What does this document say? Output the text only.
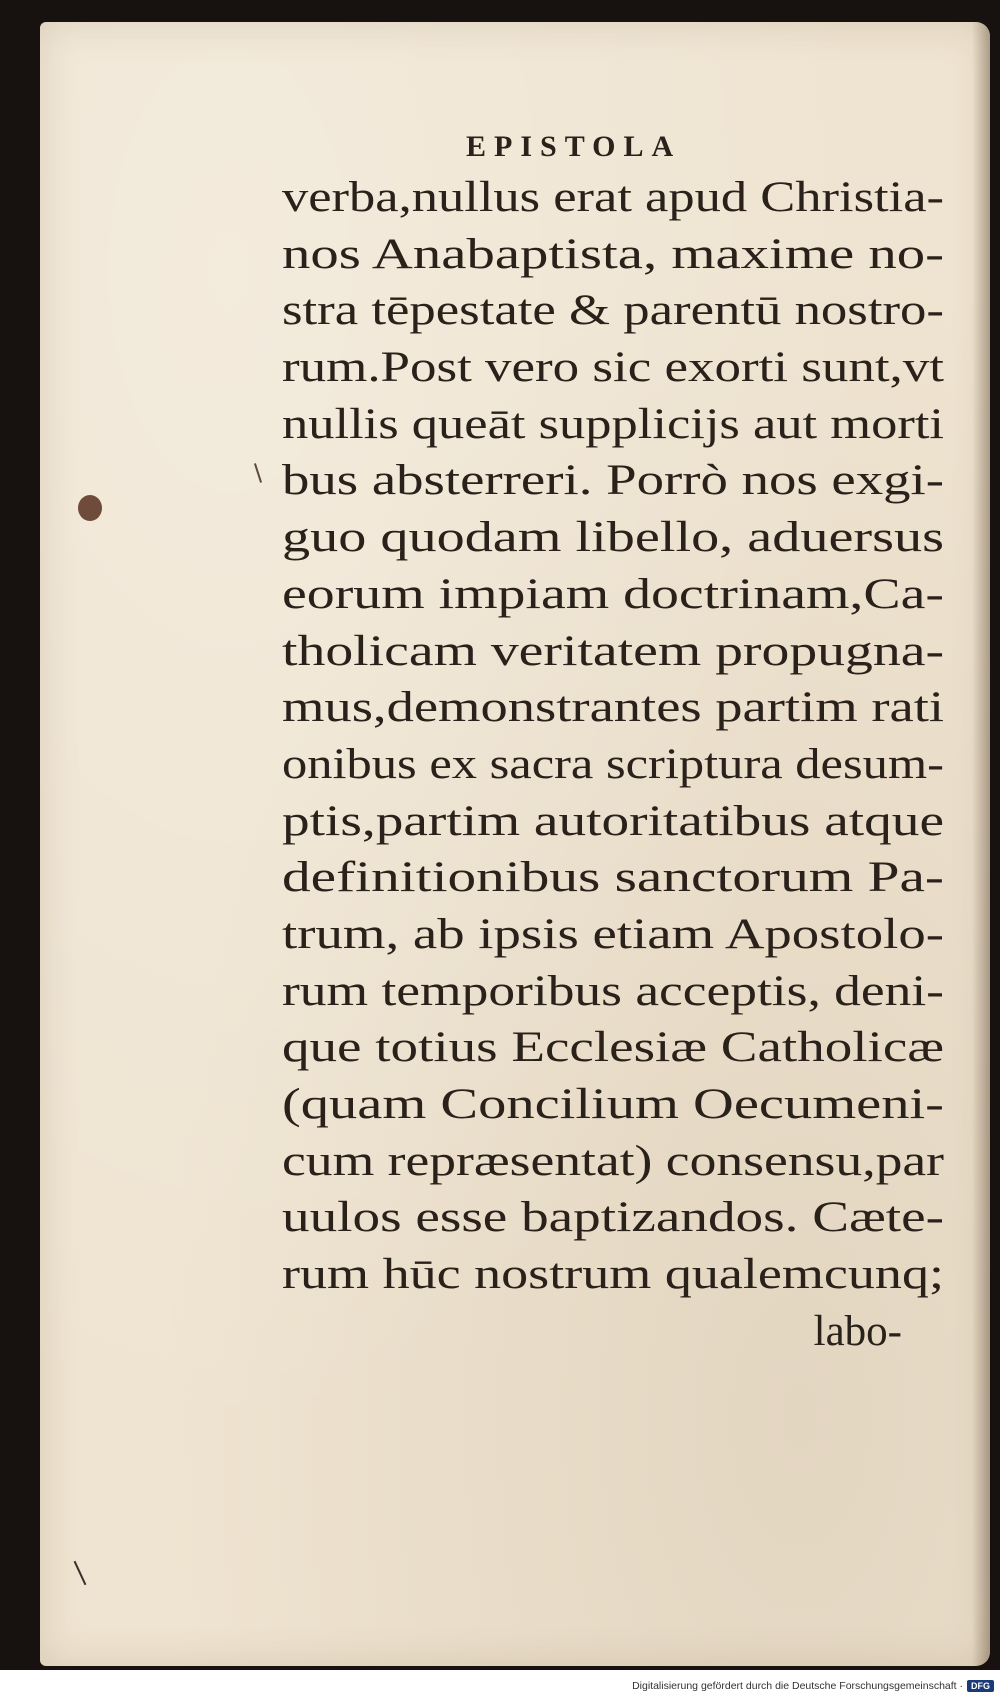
EPISTOLA

verba,nullus erat apud Christia-

nos Anabaptista, maxime no-

stra tēpestate & parentū nostro-

rum.Post vero sic exorti sunt,vt

nullis queāt supplicijs aut morti

bus absterreri. Porrò nos exgi-

guo quodam libello, aduersus

eorum impiam doctrinam,Ca-

tholicam veritatem propugna-

mus,demonstrantes partim rati

onibus ex sacra scriptura desum-

ptis,partim autoritatibus atque

definitionibus sanctorum Pa-

trum, ab ipsis etiam Apostolo-

rum temporibus acceptis, deni-

que totius Ecclesiæ Catholicæ

(quam Concilium Oecumeni-

cum repræsentat) consensu,par

uulos esse baptizandos. Cæte-

rum hūc nostrum qualemcunq;

labo-

Digitalisierung gefördert durch die Deutsche Forschungsgemeinschaft · DFG
